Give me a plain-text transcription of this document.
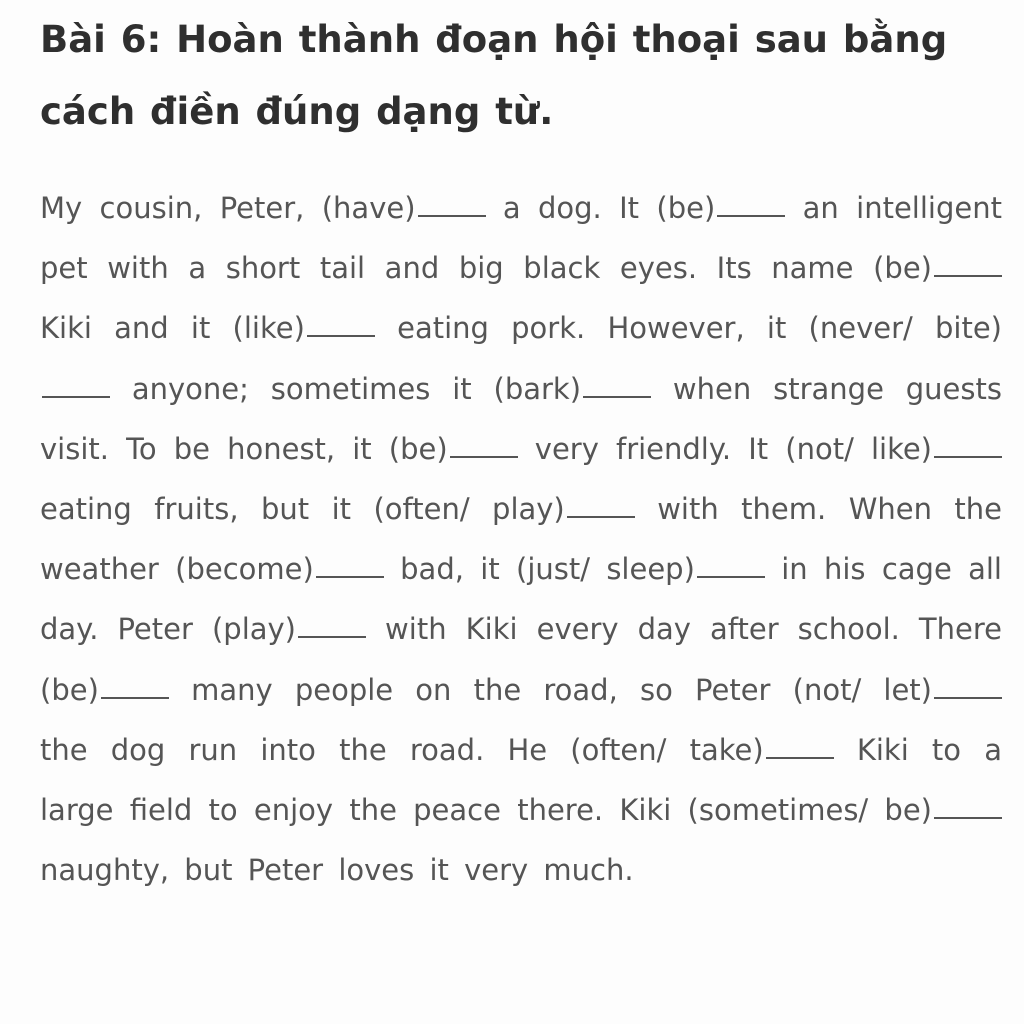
Bài 6: Hoàn thành đoạn hội thoại sau bằng cách điền đúng dạng từ.
My cousin, Peter, (have) a dog. It (be) an intelligent pet with a short tail and big black eyes. Its name (be) Kiki and it (like) eating pork. However, it (never/ bite)  anyone; sometimes it (bark) when strange guests visit. To be honest, it (be) very friendly. It (not/ like) eating fruits, but it (often/ play) with them. When the weather (become) bad, it (just/ sleep) in his cage all day. Peter (play) with Kiki every day after school. There (be) many people on the road, so Peter (not/ let) the dog run into the road. He (often/ take) Kiki to a large field to enjoy the peace there. Kiki (sometimes/ be) naughty, but Peter loves it very much.
